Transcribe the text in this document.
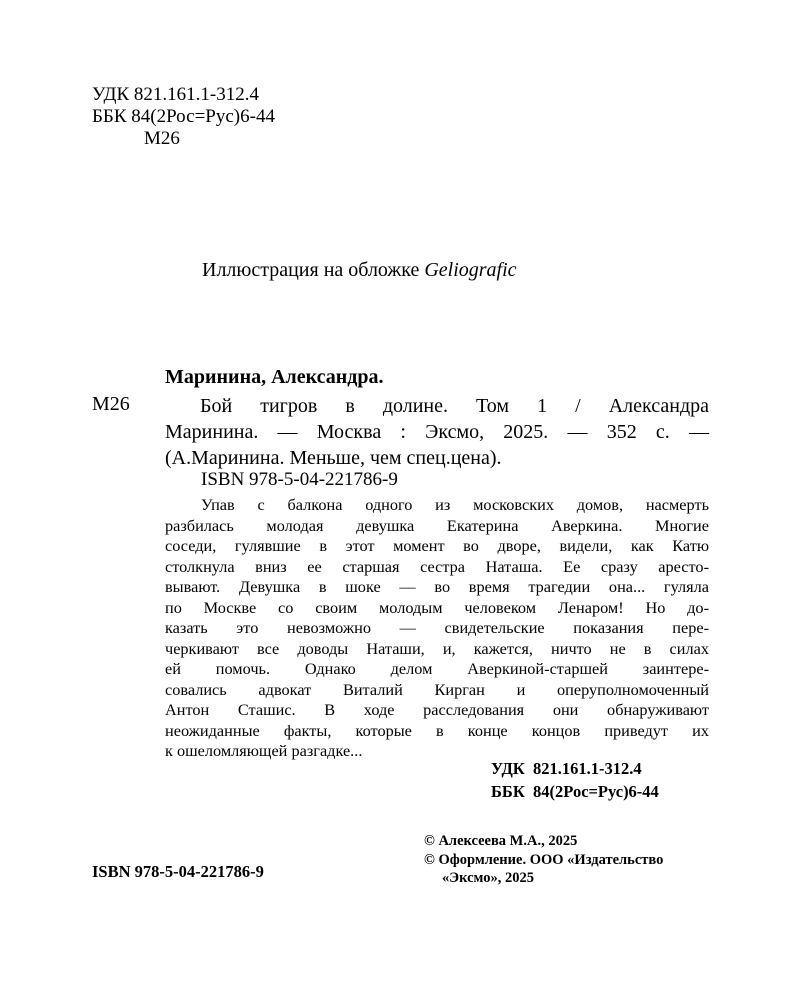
УДК 821.161.1-312.4
ББК 84(2Рос=Рус)6-44
М26
Иллюстрация на обложке Geliografic
Маринина, Александра.
М26	Бой тигров в долине. Том 1 / Александра
Маринина. — Москва : Эксмо, 2025. — 352 с. —
(А.Маринина. Меньше, чем спец.цена).
ISBN 978-5-04-221786-9
Упав с балкона одного из московских домов, насмерть
разбилась молодая девушка Екатерина Аверкина. Многие
соседи, гулявшие в этот момент во дворе, видели, как Катю
столкнула вниз ее старшая сестра Наташа. Ее сразу аресто-
вывают. Девушка в шоке — во время трагедии она... гуляла
по Москве со своим молодым человеком Ленаром! Но до-
казать это невозможно — свидетельские показания пере-
черкивают все доводы Наташи, и, кажется, ничто не в силах
ей помочь. Однако делом Аверкиной-старшей заинтере-
совались адвокат Виталий Кирган и оперуполномоченный
Антон Сташис. В ходе расследования они обнаруживают
неожиданные факты, которые в конце концов приведут их
к ошеломляющей разгадке...
УДК  821.161.1-312.4
ББК  84(2Рос=Рус)6-44
© Алексеева М.А., 2025
© Оформление. ООО «Издательство
«Эксмо», 2025
ISBN 978-5-04-221786-9
